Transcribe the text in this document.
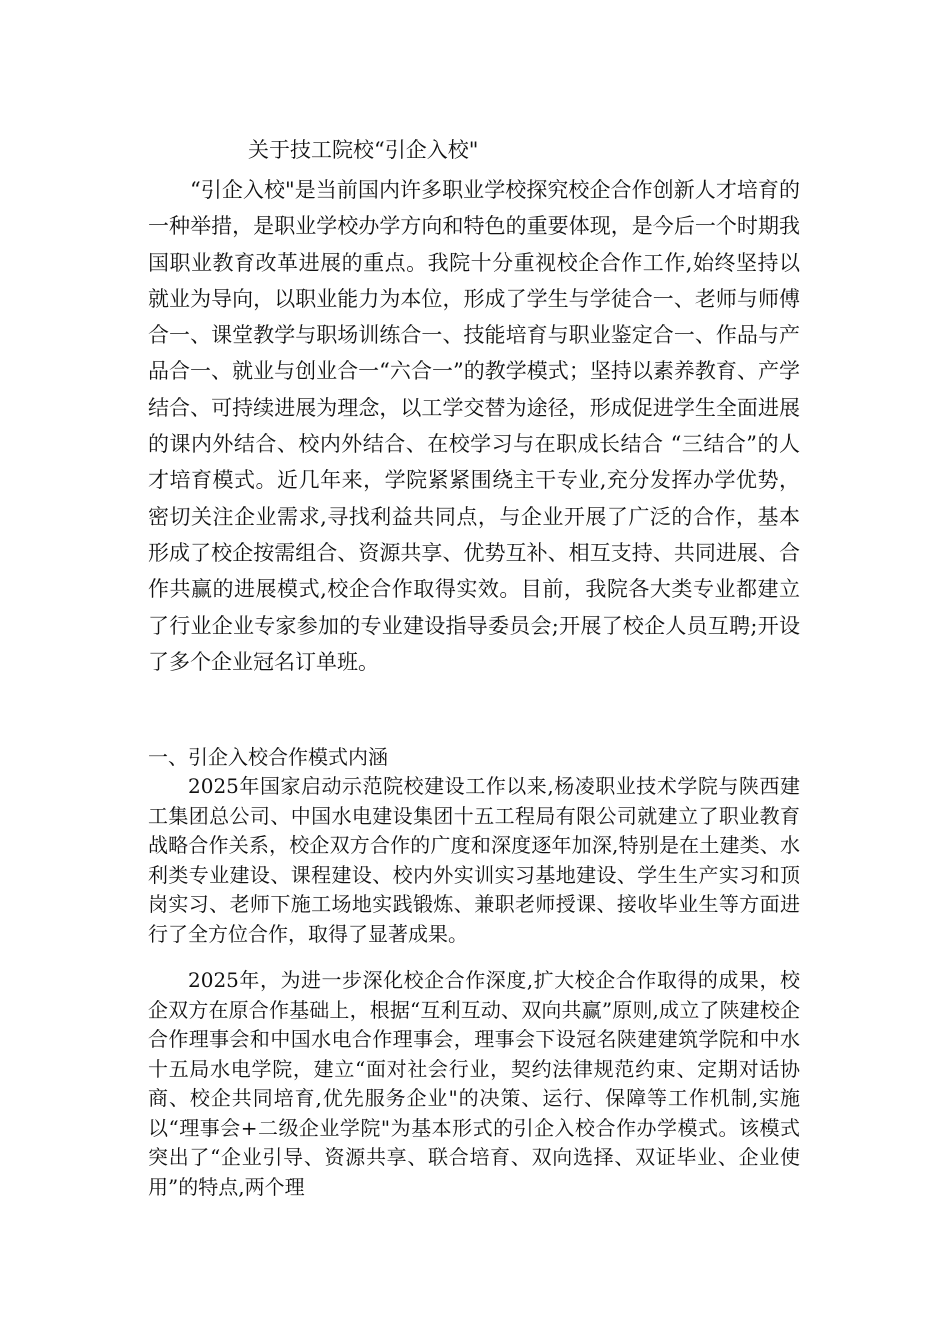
关于技工院校“引企入校"
“引企入校"是当前国内许多职业学校探究校企合作创新人才培育的一种举措，是职业学校办学方向和特色的重要体现，是今后一个时期我国职业教育改革进展的重点。我院十分重视校企合作工作,始终坚持以就业为导向，以职业能力为本位，形成了学生与学徒合一、老师与师傅合一、课堂教学与职场训练合一、技能培育与职业鉴定合一、作品与产品合一、就业与创业合一“六合一”的教学模式；坚持以素养教育、产学结合、可持续进展为理念，以工学交替为途径，形成促进学生全面进展的课内外结合、校内外结合、在校学习与在职成长结合 “三结合”的人才培育模式。近几年来，学院紧紧围绕主干专业,充分发挥办学优势，密切关注企业需求,寻找利益共同点，与企业开展了广泛的合作，基本形成了校企按需组合、资源共享、优势互补、相互支持、共同进展、合作共赢的进展模式,校企合作取得实效。目前，我院各大类专业都建立了行业企业专家参加的专业建设指导委员会;开展了校企人员互聘;开设了多个企业冠名订单班。
一、引企入校合作模式内涵
2025年国家启动示范院校建设工作以来,杨凌职业技术学院与陕西建工集团总公司、中国水电建设集团十五工程局有限公司就建立了职业教育战略合作关系，校企双方合作的广度和深度逐年加深,特别是在土建类、水利类专业建设、课程建设、校内外实训实习基地建设、学生生产实习和顶岗实习、老师下施工场地实践锻炼、兼职老师授课、接收毕业生等方面进行了全方位合作，取得了显著成果。
2025年，为进一步深化校企合作深度,扩大校企合作取得的成果，校企双方在原合作基础上，根据“互利互动、双向共赢”原则,成立了陕建校企合作理事会和中国水电合作理事会，理事会下设冠名陕建建筑学院和中水十五局水电学院，建立“面对社会行业，契约法律规范约束、定期对话协商、校企共同培育,优先服务企业"的决策、运行、保障等工作机制,实施以“理事会+二级企业学院"为基本形式的引企入校合作办学模式。该模式突出了“企业引导、资源共享、联合培育、双向选择、双证毕业、企业使用”的特点,两个理
